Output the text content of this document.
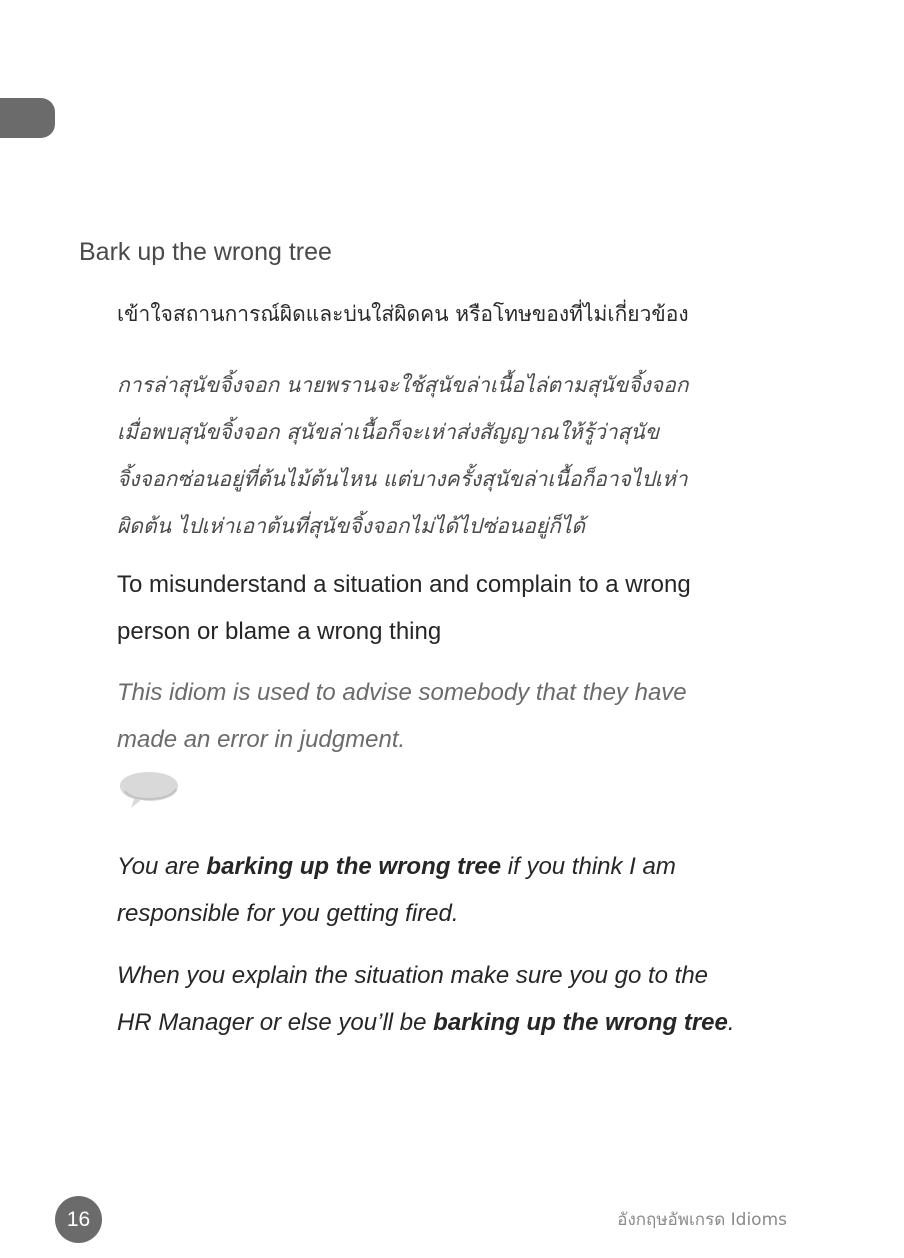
Bark up the wrong tree

เข้าใจสถานการณ์ผิดและบ่นใส่ผิดคน หรือโทษของที่ไม่เกี่ยวข้อง

การล่าสุนัขจิ้งจอก นายพรานจะใช้สุนัขล่าเนื้อไล่ตามสุนัขจิ้งจอก
เมื่อพบสุนัขจิ้งจอก สุนัขล่าเนื้อก็จะเห่าส่งสัญญาณให้รู้ว่าสุนัข
จิ้งจอกซ่อนอยู่ที่ต้นไม้ต้นไหน แต่บางครั้งสุนัขล่าเนื้อก็อาจไปเห่า
ผิดต้น ไปเห่าเอาต้นที่สุนัขจิ้งจอกไม่ได้ไปซ่อนอยู่ก็ได้

To misunderstand a situation and complain to a wrong
person or blame a wrong thing

This idiom is used to advise somebody that they have
made an error in judgment.

You are barking up the wrong tree if you think I am
responsible for you getting fired.

When you explain the situation make sure you go to the
HR Manager or else you’ll be barking up the wrong tree.

16	อังกฤษอัพเกรด Idioms
